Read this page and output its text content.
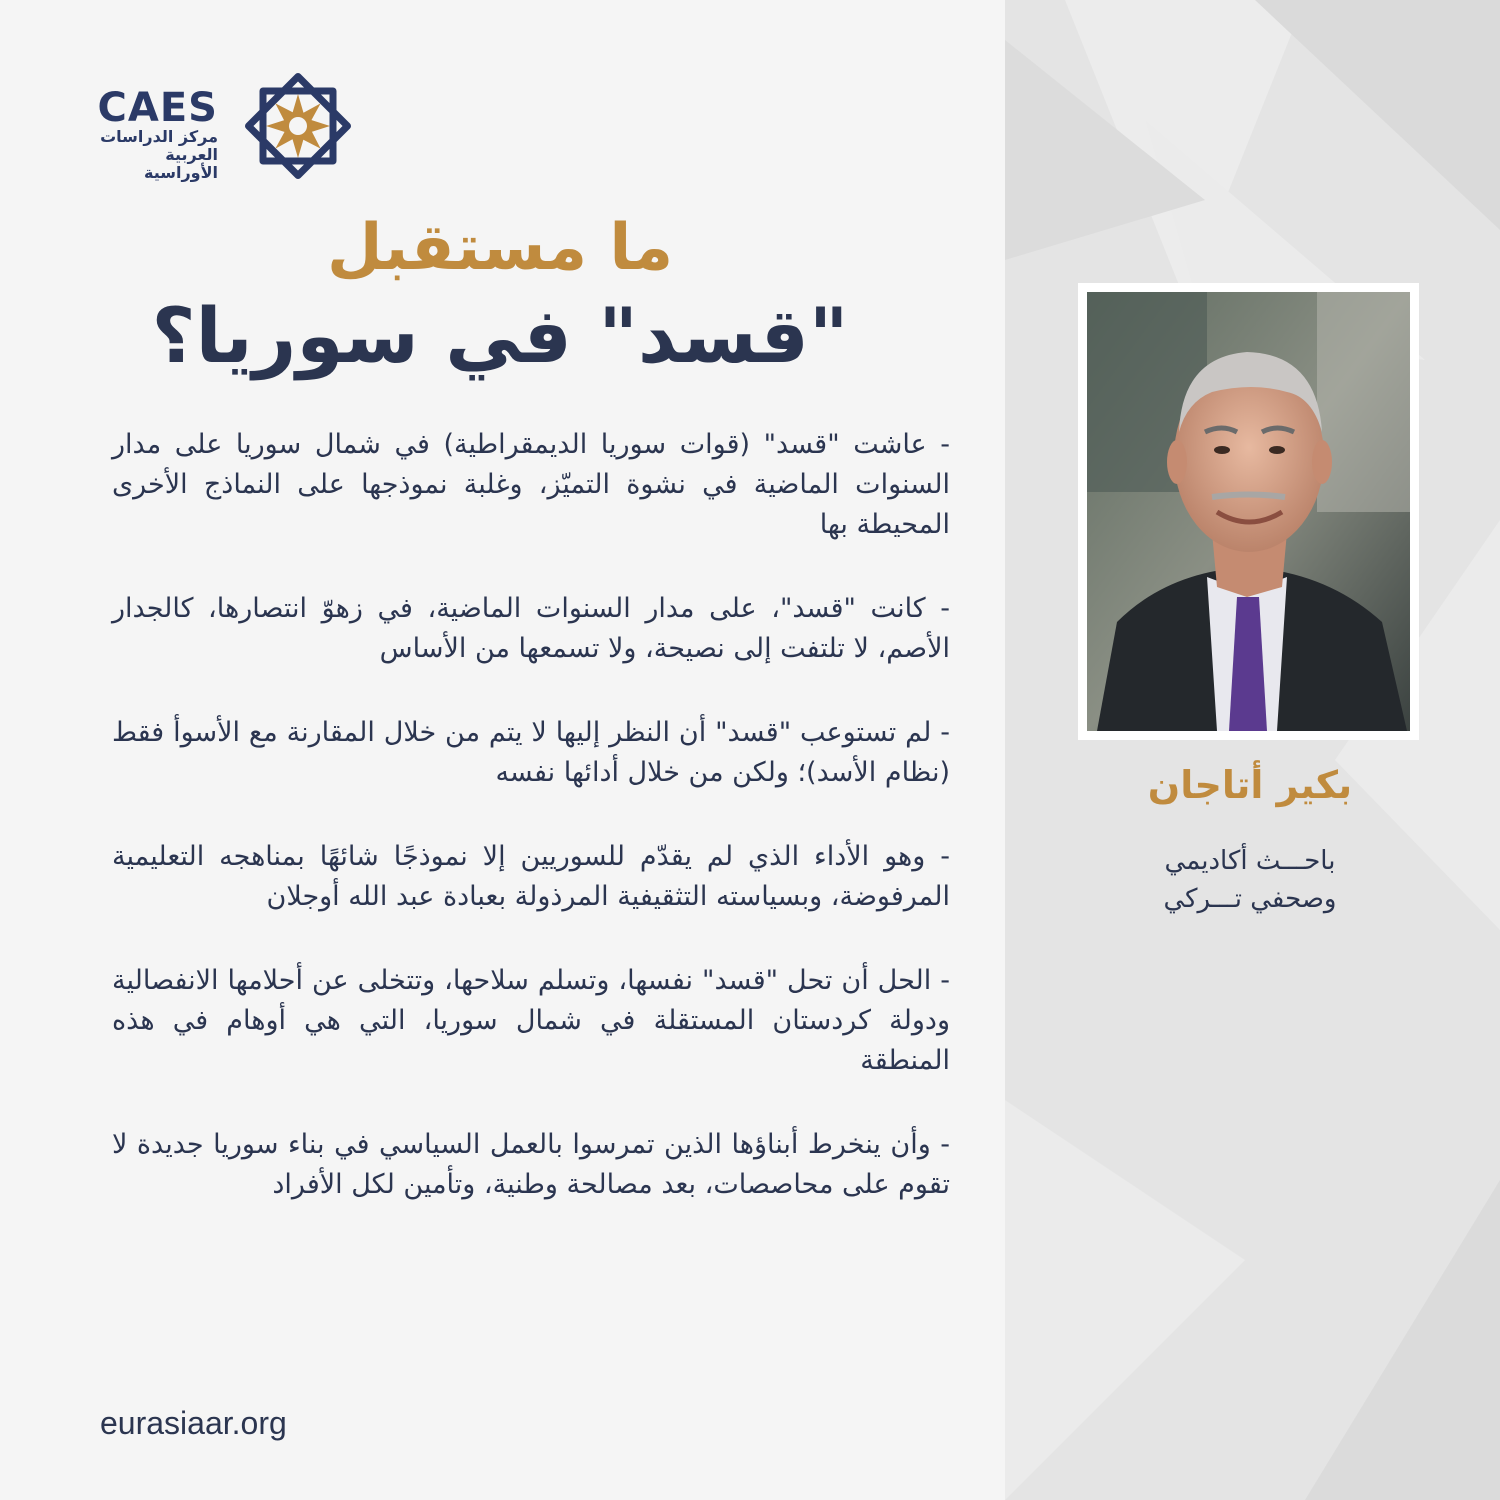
CAES
مركز الدراسات
العربية الأوراسية
ما مستقبل
"قسد" في سوريا؟

- عاشت "قسد" (قوات سوريا الديمقراطية) في شمال سوريا على مدار السنوات الماضية في نشوة التميّز، وغلبة نموذجها على النماذج الأخرى المحيطة بها

- كانت "قسد"، على مدار السنوات الماضية، في زهوّ انتصارها، كالجدار الأصم، لا تلتفت إلى نصيحة، ولا تسمعها من الأساس

- لم تستوعب "قسد" أن النظر إليها لا يتم من خلال المقارنة مع الأسوأ فقط (نظام الأسد)؛ ولكن من خلال أدائها نفسه

- وهو الأداء الذي لم يقدّم للسوريين إلا نموذجًا شائهًا بمناهجه التعليمية المرفوضة، وبسياسته التثقيفية المرذولة بعبادة عبد الله أوجلان

- الحل أن تحل "قسد" نفسها، وتسلم سلاحها، وتتخلى عن أحلامها الانفصالية ودولة كردستان المستقلة في شمال سوريا، التي هي أوهام في هذه المنطقة

- وأن ينخرط أبناؤها الذين تمرسوا بالعمل السياسي في بناء سوريا جديدة لا تقوم على محاصصات، بعد مصالحة وطنية، وتأمين لكل الأفراد

eurasiaar.org
بكير أتاجان
باحـــث أكاديمي
وصحفي تـــركي
